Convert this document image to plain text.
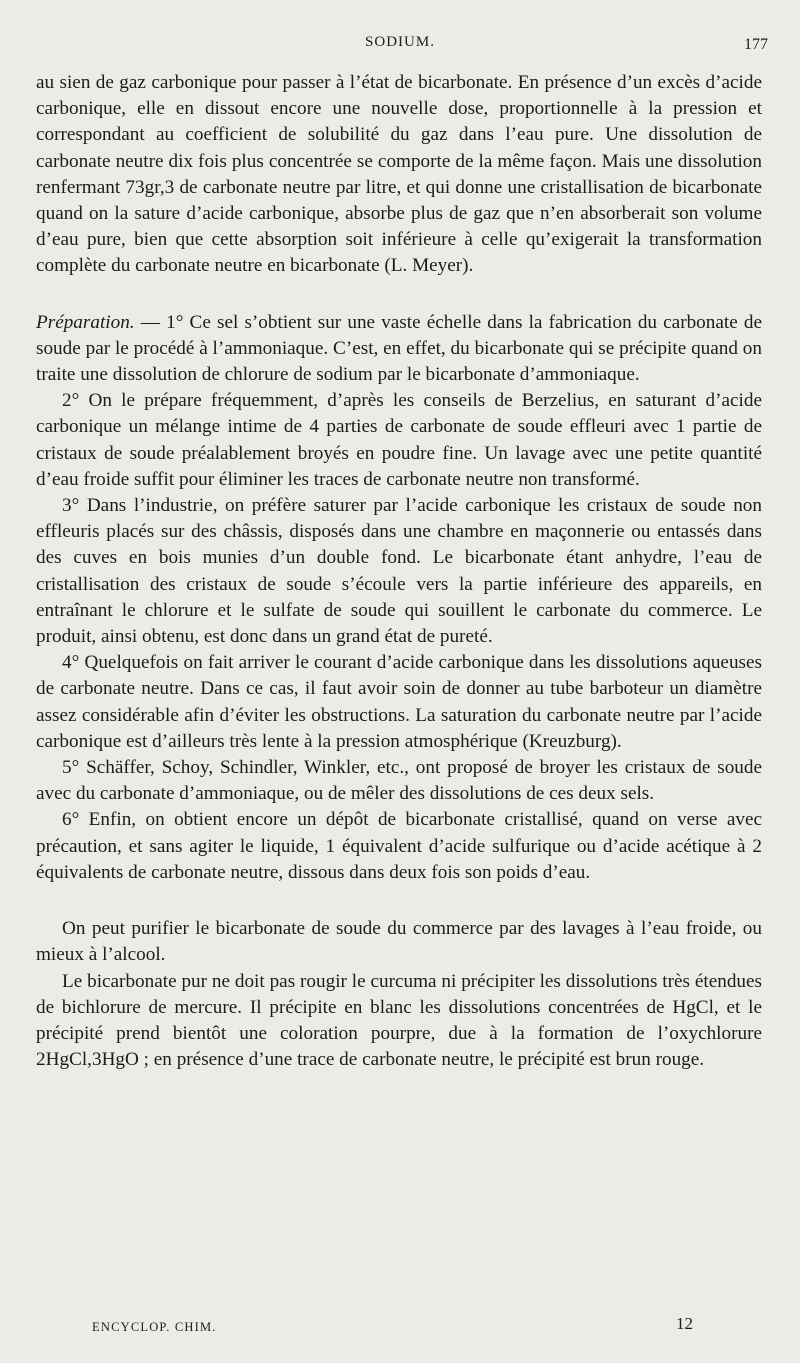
SODIUM.	177

au sien de gaz carbonique pour passer à l’état de bicarbonate. En présence d’un excès d’acide carbonique, elle en dissout encore une nouvelle dose, proportionnelle à la pression et correspondant au coefficient de solubilité du gaz dans l’eau pure. Une dissolution de carbonate neutre dix fois plus concentrée se comporte de la même façon. Mais une dissolution renfermant 73gr,3 de carbonate neutre par litre, et qui donne une cristallisation de bicarbonate quand on la sature d’acide carbonique, absorbe plus de gaz que n’en absorberait son volume d’eau pure, bien que cette absorption soit inférieure à celle qu’exigerait la transformation complète du carbonate neutre en bicarbonate (L. Meyer).

Préparation. — 1° Ce sel s’obtient sur une vaste échelle dans la fabrication du carbonate de soude par le procédé à l’ammoniaque. C’est, en effet, du bicarbonate qui se précipite quand on traite une dissolution de chlorure de sodium par le bicarbonate d’ammoniaque.

2° On le prépare fréquemment, d’après les conseils de Berzelius, en saturant d’acide carbonique un mélange intime de 4 parties de carbonate de soude effleuri avec 1 partie de cristaux de soude préalablement broyés en poudre fine. Un lavage avec une petite quantité d’eau froide suffit pour éliminer les traces de carbonate neutre non transformé.

3° Dans l’industrie, on préfère saturer par l’acide carbonique les cristaux de soude non effleuris placés sur des châssis, disposés dans une chambre en maçonnerie ou entassés dans des cuves en bois munies d’un double fond. Le bicarbonate étant anhydre, l’eau de cristallisation des cristaux de soude s’écoule vers la partie inférieure des appareils, en entraînant le chlorure et le sulfate de soude qui souillent le carbonate du commerce. Le produit, ainsi obtenu, est donc dans un grand état de pureté.

4° Quelquefois on fait arriver le courant d’acide carbonique dans les dissolutions aqueuses de carbonate neutre. Dans ce cas, il faut avoir soin de donner au tube barboteur un diamètre assez considérable afin d’éviter les obstructions. La saturation du carbonate neutre par l’acide carbonique est d’ailleurs très lente à la pression atmosphérique (Kreuzburg).

5° Schäffer, Schoy, Schindler, Winkler, etc., ont proposé de broyer les cristaux de soude avec du carbonate d’ammoniaque, ou de mêler des dissolutions de ces deux sels.

6° Enfin, on obtient encore un dépôt de bicarbonate cristallisé, quand on verse avec précaution, et sans agiter le liquide, 1 équivalent d’acide sulfurique ou d’acide acétique à 2 équivalents de carbonate neutre, dissous dans deux fois son poids d’eau.

On peut purifier le bicarbonate de soude du commerce par des lavages à l’eau froide, ou mieux à l’alcool.

Le bicarbonate pur ne doit pas rougir le curcuma ni précipiter les dissolutions très étendues de bichlorure de mercure. Il précipite en blanc les dissolutions concentrées de HgCl, et le précipité prend bientôt une coloration pourpre, due à la formation de l’oxychlorure 2HgCl,3HgO ; en présence d’une trace de carbonate neutre, le précipité est brun rouge.

ENCYCLOP. CHIM.	12
